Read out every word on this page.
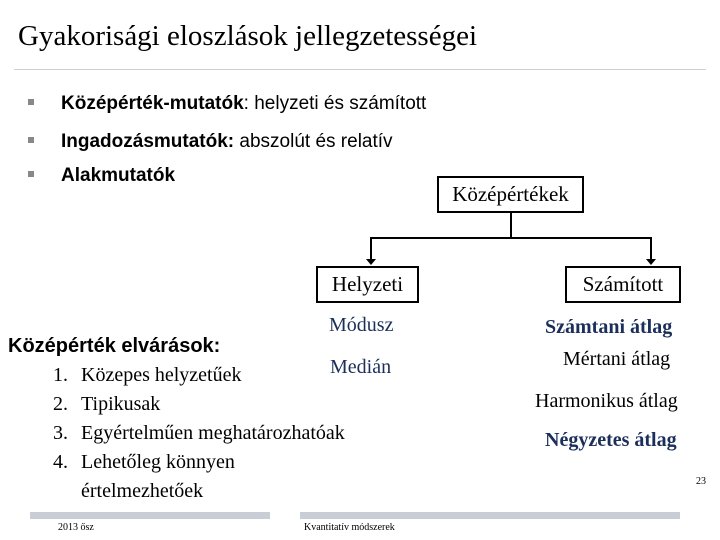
Gyakorisági eloszlások jellegzetességei
Középérték-mutatók: helyzeti és számított
Ingadozásmutatók: abszolút és relatív
Alakmutatók
Középértékek
Helyzeti	Számított
Módusz
Medián
Számtani átlag
Mértani átlag
Harmonikus átlag
Négyzetes átlag
Középérték elvárások:
1. Közepes helyzetűek
2. Tipikusak
3. Egyértelműen meghatározhatóak
4. Lehetőleg könnyen értelmezhetőek
2013 ősz	Kvantitatív módszerek
23
